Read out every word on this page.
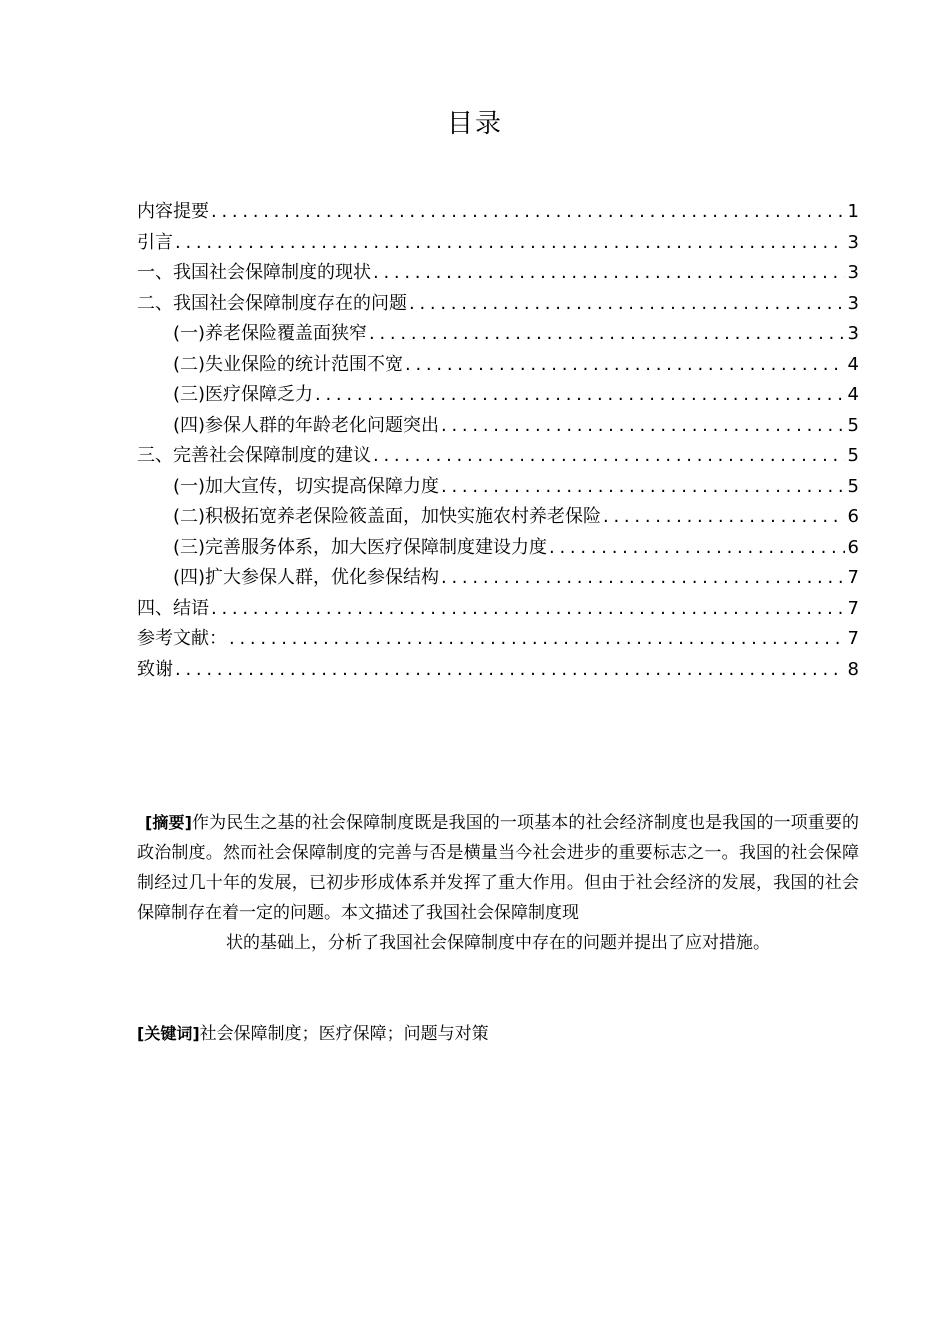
目录
内容提要 . . .	1
引言 . . .	3
一、我国社会保障制度的现状 . . .	3
二、我国社会保障制度存在的问题 . . .	3
(一)养老保险覆盖面狭窄 . . .	3
(二)失业保险的统计范围不宽 . . .	4
(三)医疗保障乏力 . . .	4
(四)参保人群的年龄老化问题突出 . . .	5
三、完善社会保障制度的建议 . . .	5
(一)加大宣传，切实提高保障力度 . . .	5
(二)积极拓宽养老保险筱盖面，加快实施农村养老保险 . . .	6
(三)完善服务体系，加大医疗保障制度建设力度 . . .	6
(四)扩大参保人群，优化参保结构 . . .	7
四、结语 . . .	7
参考文献： . . .	7
致谢 . . .	8

[摘要]作为民生之基的社会保障制度既是我国的一项基本的社会经济制度也是我国的一项重要的政治制度。然而社会保障制度的完善与否是横量当今社会进步的重要标志之一。我国的社会保障制经过几十年的发展，已初步形成体系并发挥了重大作用。但由于社会经济的发展，我国的社会保障制存在着一定的问题。本文描述了我国社会保障制度现

状的基础上，分析了我国社会保障制度中存在的问题并提出了应对措施。

[关键词]社会保障制度；医疗保障；问题与对策
